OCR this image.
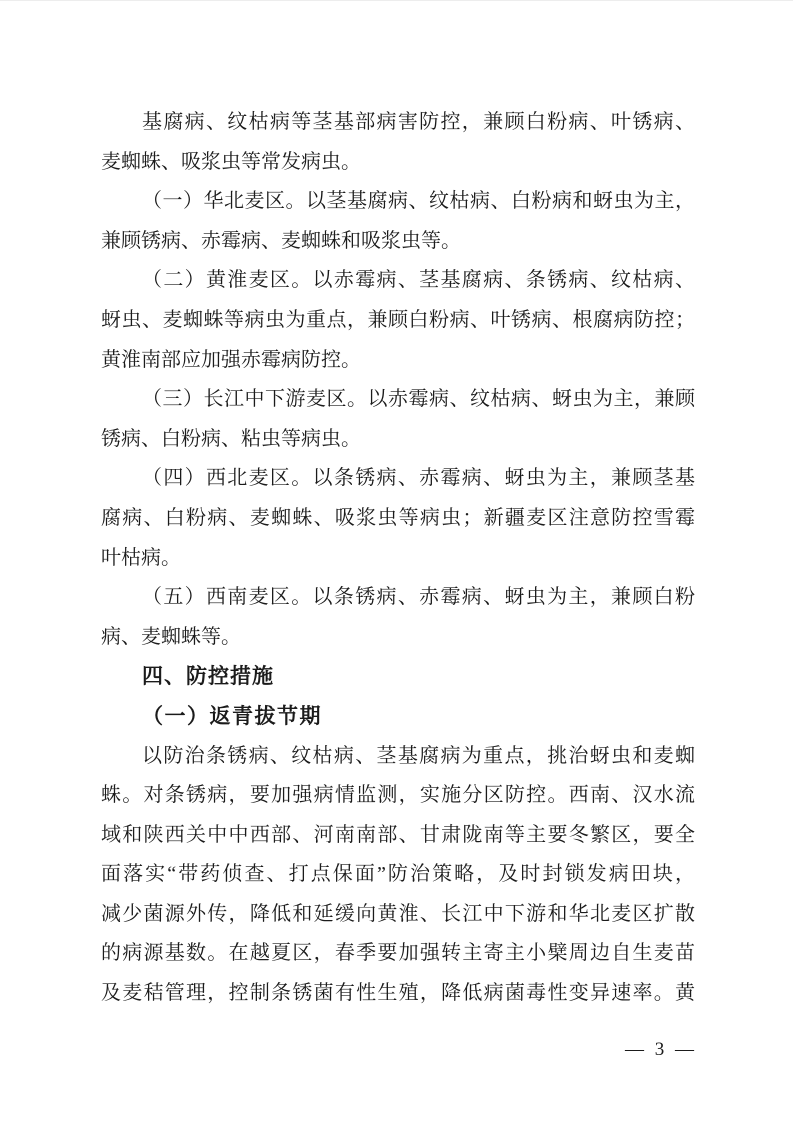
基腐病、纹枯病等茎基部病害防控，兼顾白粉病、叶锈病、
麦蜘蛛、吸浆虫等常发病虫。
（一）华北麦区。以茎基腐病、纹枯病、白粉病和蚜虫为主，
兼顾锈病、赤霉病、麦蜘蛛和吸浆虫等。
（二）黄淮麦区。以赤霉病、茎基腐病、条锈病、纹枯病、
蚜虫、麦蜘蛛等病虫为重点，兼顾白粉病、叶锈病、根腐病防控；
黄淮南部应加强赤霉病防控。
（三）长江中下游麦区。以赤霉病、纹枯病、蚜虫为主，兼顾
锈病、白粉病、粘虫等病虫。
（四）西北麦区。以条锈病、赤霉病、蚜虫为主，兼顾茎基
腐病、白粉病、麦蜘蛛、吸浆虫等病虫；新疆麦区注意防控雪霉
叶枯病。
（五）西南麦区。以条锈病、赤霉病、蚜虫为主，兼顾白粉
病、麦蜘蛛等。
四、防控措施
（一）返青拔节期
以防治条锈病、纹枯病、茎基腐病为重点，挑治蚜虫和麦蜘
蛛。对条锈病，要加强病情监测，实施分区防控。西南、汉水流
域和陕西关中中西部、河南南部、甘肃陇南等主要冬繁区，要全
面落实“带药侦查、打点保面”防治策略，及时封锁发病田块，
减少菌源外传，降低和延缓向黄淮、长江中下游和华北麦区扩散
的病源基数。在越夏区，春季要加强转主寄主小檗周边自生麦苗
及麦秸管理，控制条锈菌有性生殖，降低病菌毒性变异速率。黄
— 3 —
